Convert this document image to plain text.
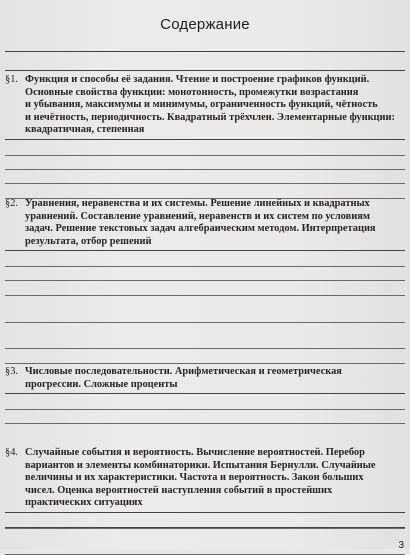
Содержание
§1. Функция и способы её задания. Чтение и построение графиков функций.
Основные свойства функции: монотонность, промежутки возрастания
и убывания, максимумы и минимумы, ограниченность функций, чётность
и нечётность, периодичность. Квадратный трёхчлен. Элементарные функции:
квадратичная, степенная
§2. Уравнения, неравенства и их системы. Решение линейных и квадратных
уравнений. Составление уравнений, неравенств и их систем по условиям
задач. Решение текстовых задач алгебраическим методом. Интерпретация
результата, отбор решений
§3. Числовые последовательности. Арифметическая и геометрическая
прогрессии. Сложные проценты
§4. Случайные события и вероятность. Вычисление вероятностей. Перебор
вариантов и элементы комбинаторики. Испытания Бернулли. Случайные
величины и их характеристики. Частота и вероятность. Закон больших
чисел. Оценка вероятностей наступления событий в простейших
практических ситуациях
3
